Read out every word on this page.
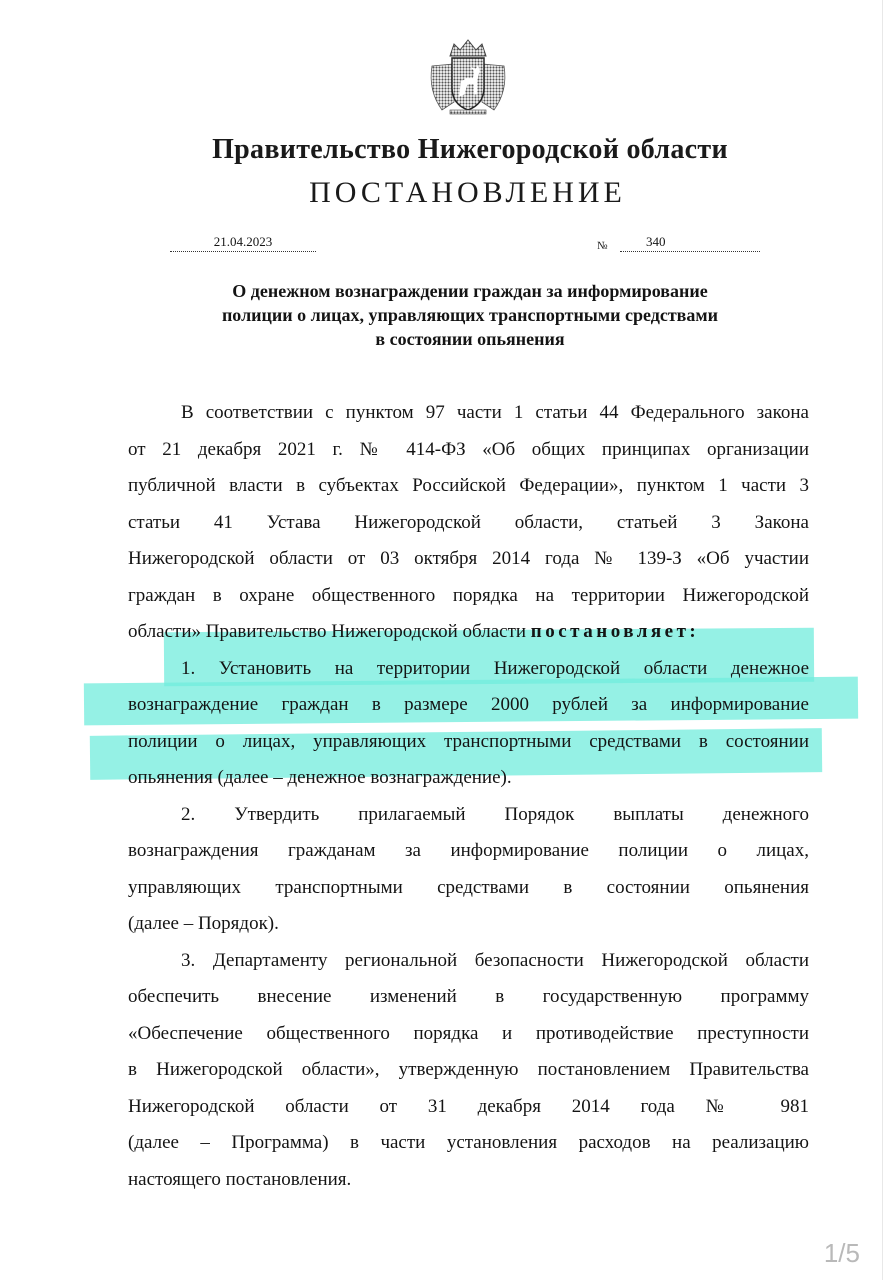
Правительство Нижегородской области
ПОСТАНОВЛЕНИЕ
21.04.2023	№	340
О денежном вознаграждении граждан за информирование
полиции о лицах, управляющих транспортными средствами
в состоянии опьянения
В соответствии с пунктом 97 части 1 статьи 44 Федерального закона
от 21 декабря 2021 г. № 414-ФЗ «Об общих принципах организации
публичной власти в субъектах Российской Федерации», пунктом 1 части 3
статьи 41 Устава Нижегородской области, статьей 3 Закона
Нижегородской области от 03 октября 2014 года № 139-З «Об участии
граждан в охране общественного порядка на территории Нижегородской
области» Правительство Нижегородской области постановляет:
1. Установить на территории Нижегородской области денежное
вознаграждение граждан в размере 2000 рублей за информирование
полиции о лицах, управляющих транспортными средствами в состоянии
опьянения (далее – денежное вознаграждение).
2. Утвердить прилагаемый Порядок выплаты денежного
вознаграждения гражданам за информирование полиции о лицах,
управляющих транспортными средствами в состоянии опьянения
(далее – Порядок).
3. Департаменту региональной безопасности Нижегородской области
обеспечить внесение изменений в государственную программу
«Обеспечение общественного порядка и противодействие преступности
в Нижегородской области», утвержденную постановлением Правительства
Нижегородской области от 31 декабря 2014 года № 981
(далее – Программа) в части установления расходов на реализацию
настоящего постановления.
1/5
